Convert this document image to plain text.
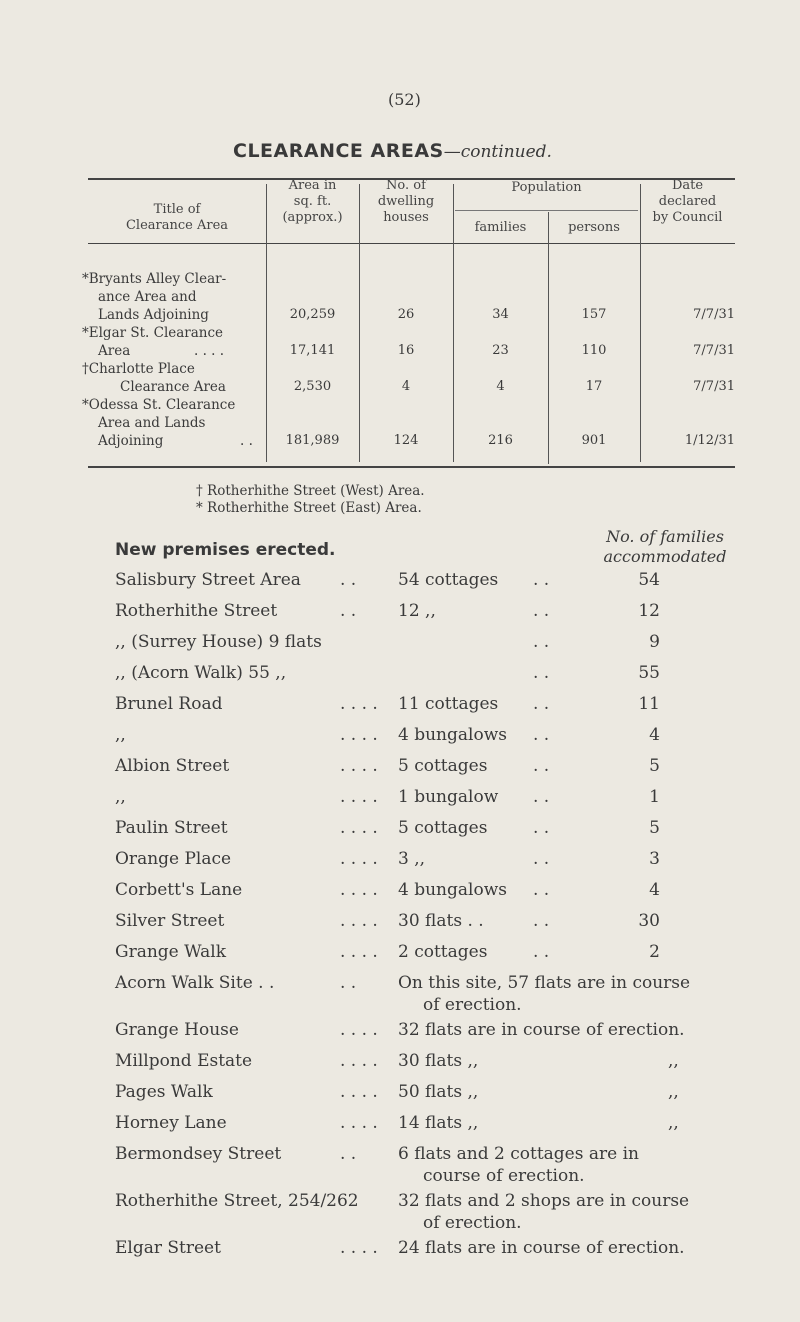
(52)
CLEARANCE AREAS—continued.
Title of
Clearance Area
Area in
sq. ft.
(approx.)
No. of
dwelling
houses
Population
families	persons
Date
declared
by Council
*Bryants Alley Clear-
ance Area and
Lands Adjoining	20,259	26	34	157	7/7/31
*Elgar St. Clearance
Area	. . . .	17,141	16	23	110	7/7/31
†Charlotte Place
Clearance Area	2,530	4	4	17	7/7/31
*Odessa St. Clearance
Area and Lands
Adjoining	. .	181,989	124	216	901	1/12/31
† Rotherhithe Street (West) Area.
* Rotherhithe Street (East) Area.
New premises erected.
No. of families
accommodated
Salisbury Street Area . . 54 cottages . .	54
Rotherhithe Street	. . 12 ,,	. .	12
,, (Surrey House) 9 flats	. .	9
,, (Acorn Walk) 55 ,,	. .	55
Brunel Road	. . . . 11 cottages . .	11
,,	. . . . 4 bungalows . .	4
Albion Street	. . . . 5 cottages	. .	5
,,	. . . . 1 bungalow . .	1
Paulin Street	. . . . 5 cottages	. .	5
Orange Place	. . . . 3 ,,	. .	3
Corbett's Lane	. . . . 4 bungalows . .	4
Silver Street	. . . . 30 flats . .	. .	30
Grange Walk	. . . . 2 cottages	. .	2
Acorn Walk Site . .	. . On this site, 57 flats are in course
of erection.
Grange House	. . . . 32 flats are in course of erection.
Millpond Estate	. . . . 30 flats ,,	,,
Pages Walk	. . . . 50 flats ,,	,,
Horney Lane	. . . . 14 flats ,,	,,
Bermondsey Street	. . 6 flats and 2 cottages are in
course of erection.
Rotherhithe Street, 254/262 32 flats and 2 shops are in course
of erection.
Elgar Street	. . . . 24 flats are in course of erection.
